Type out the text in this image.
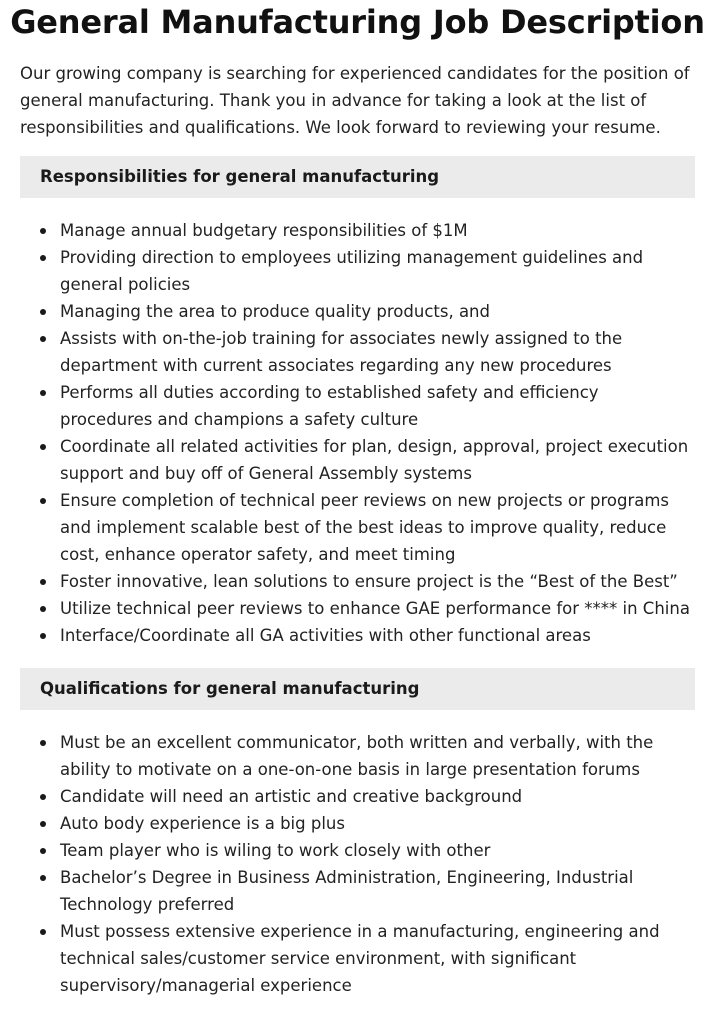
General Manufacturing Job Description

Our growing company is searching for experienced candidates for the position of general manufacturing. Thank you in advance for taking a look at the list of responsibilities and qualifications. We look forward to reviewing your resume.

Responsibilities for general manufacturing
Manage annual budgetary responsibilities of $1M
Providing direction to employees utilizing management guidelines and general policies
Managing the area to produce quality products, and
Assists with on-the-job training for associates newly assigned to the department with current associates regarding any new procedures
Performs all duties according to established safety and efficiency procedures and champions a safety culture
Coordinate all related activities for plan, design, approval, project execution support and buy off of General Assembly systems
Ensure completion of technical peer reviews on new projects or programs and implement scalable best of the best ideas to improve quality, reduce cost, enhance operator safety, and meet timing
Foster innovative, lean solutions to ensure project is the “Best of the Best”
Utilize technical peer reviews to enhance GAE performance for **** in China
Interface/Coordinate all GA activities with other functional areas
Qualifications for general manufacturing
Must be an excellent communicator, both written and verbally, with the ability to motivate on a one-on-one basis in large presentation forums
Candidate will need an artistic and creative background
Auto body experience is a big plus
Team player who is wiling to work closely with other
Bachelor’s Degree in Business Administration, Engineering, Industrial Technology preferred
Must possess extensive experience in a manufacturing, engineering and technical sales/customer service environment, with significant supervisory/managerial experience
